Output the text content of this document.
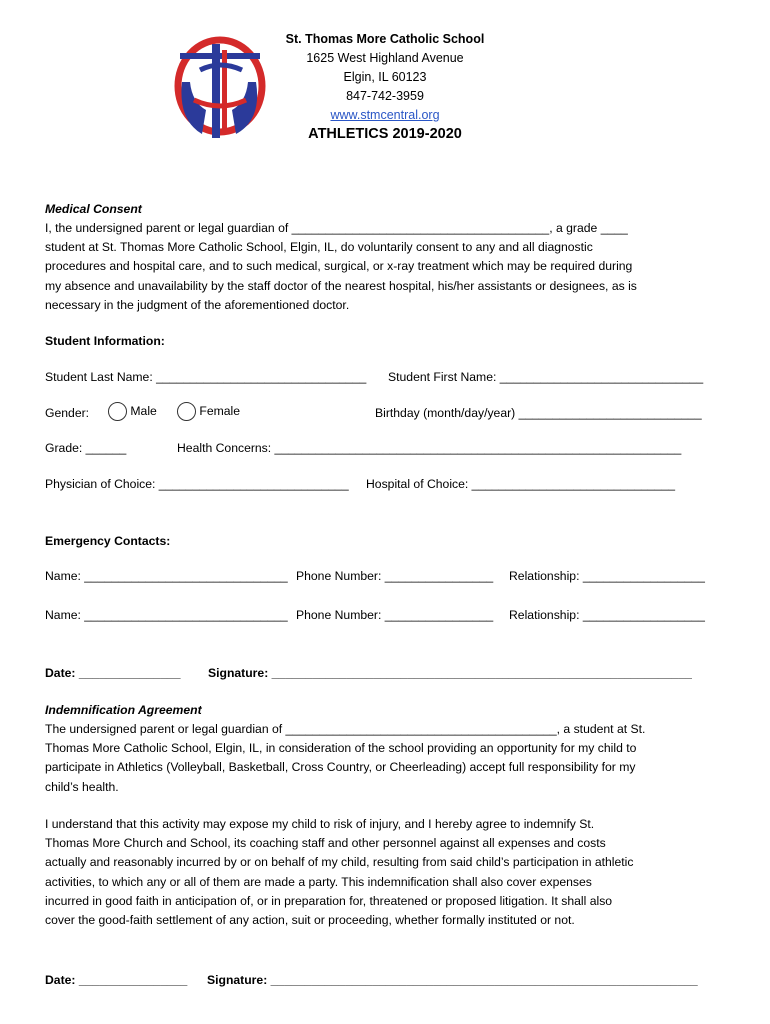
St. Thomas More Catholic School
1625 West Highland Avenue
Elgin, IL 60123
847-742-3959
www.stmcentral.org
ATHLETICS 2019-2020
Medical Consent
I, the undersigned parent or legal guardian of ______________________________________, a grade ____
student at St. Thomas More Catholic School, Elgin, IL, do voluntarily consent to any and all diagnostic
procedures and hospital care, and to such medical, surgical, or x-ray treatment which may be required during
my absence and unavailability by the staff doctor of the nearest hospital, his/her assistants or designees, as is
necessary in the judgment of the aforementioned doctor.
Student Information:
Student Last Name: _______________________________ Student First Name: ______________________________
Gender:	Male	Female	Birthday (month/day/year) ___________________________
Grade: ______	Health Concerns: ____________________________________________________________
Physician of Choice: ____________________________ Hospital of Choice: ______________________________
Emergency Contacts:
Name: ______________________________ Phone Number: ________________ Relationship: __________________
Name: ______________________________ Phone Number: ________________ Relationship: __________________
Date: _______________ Signature: ______________________________________________________________
Indemnification Agreement
The undersigned parent or legal guardian of ________________________________________, a student at St.
Thomas More Catholic School, Elgin, IL, in consideration of the school providing an opportunity for my child to
participate in Athletics (Volleyball, Basketball, Cross Country, or Cheerleading) accept full responsibility for my
child’s health.
I understand that this activity may expose my child to risk of injury, and I hereby agree to indemnify St.
Thomas More Church and School, its coaching staff and other personnel against all expenses and costs
actually and reasonably incurred by or on behalf of my child, resulting from said child’s participation in athletic
activities, to which any or all of them are made a party. This indemnification shall also cover expenses
incurred in good faith in anticipation of, or in preparation for, threatened or proposed litigation. It shall also
cover the good-faith settlement of any action, suit or proceeding, whether formally instituted or not.
Date: ________________ Signature: _______________________________________________________________
